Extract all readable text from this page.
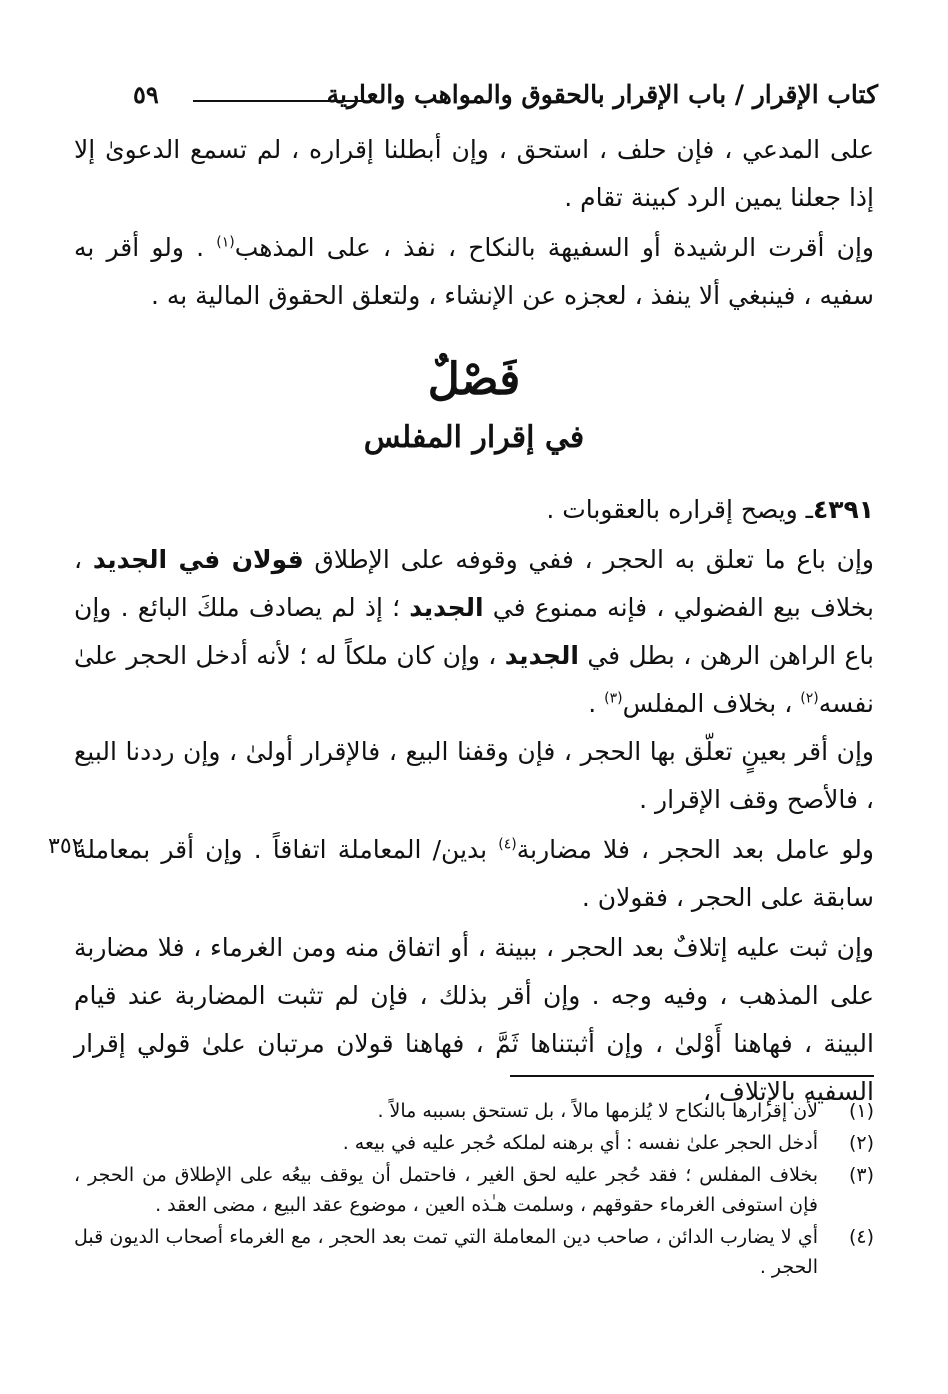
كتاب الإقرار / باب الإقرار بالحقوق والمواهب والعارية
٥٩

على المدعي ، فإن حلف ، استحق ، وإن أبطلنا إقراره ، لم تسمع الدعوىٰ إلا إذا جعلنا يمين الرد كبينة تقام .

وإن أقرت الرشيدة أو السفيهة بالنكاح ، نفذ ، على المذهب$^{(١)}$ . ولو أقر به سفيه ، فينبغي ألا ينفذ ، لعجزه عن الإنشاء ، ولتعلق الحقوق المالية به .

فَصْلٌ
في إقرار المفلس

٤٣٩١ـ ويصح إقراره بالعقوبات .

وإن باع ما تعلق به الحجر ، ففي وقوفه على الإطلاق قولان في الجديد ، بخلاف بيع الفضولي ، فإنه ممنوع في الجديد ؛ إذ لم يصادف ملكَ البائع . وإن باع الراهن الرهن ، بطل في الجديد ، وإن كان ملكاً له ؛ لأنه أدخل الحجر علىٰ نفسه$^{(٢)}$ ، بخلاف المفلس$^{(٣)}$ .

وإن أقر بعينٍ تعلّق بها الحجر ، فإن وقفنا البيع ، فالإقرار أولىٰ ، وإن رددنا البيع ، فالأصح وقف الإقرار .

ولو عامل بعد الحجر ، فلا مضاربة$^{(٤)}$ بدين/ المعاملة اتفاقاً . وإن أقر بمعاملة سابقة على الحجر ، فقولان .

٣٥٢

وإن ثبت عليه إتلافٌ بعد الحجر ، ببينة ، أو اتفاق منه ومن الغرماء ، فلا مضاربة على المذهب ، وفيه وجه . وإن أقر بذلك ، فإن لم تثبت المضاربة عند قيام البينة ، فهاهنا أَوْلىٰ ، وإن أثبتناها ثَمَّ ، فهاهنا قولان مرتبان علىٰ قولي إقرار السفيه بالإتلاف ،

(١)
لأن إقرارها بالنكاح لا يُلزمها مالاً ، بل تستحق بسببه مالاً .
(٢)
أدخل الحجر علىٰ نفسه : أي برهنه لملكه حُجر عليه في بيعه .
(٣)
بخلاف المفلس ؛ فقد حُجر عليه لحق الغير ، فاحتمل أن يوقف بيعُه على الإطلاق من الحجر ، فإن استوفى الغرماء حقوقهم ، وسلمت هـٰذه العين ، موضوع عقد البيع ، مضى العقد .
(٤)
أي لا يضارب الدائن ، صاحب دين المعاملة التي تمت بعد الحجر ، مع الغرماء أصحاب الديون قبل الحجر .
